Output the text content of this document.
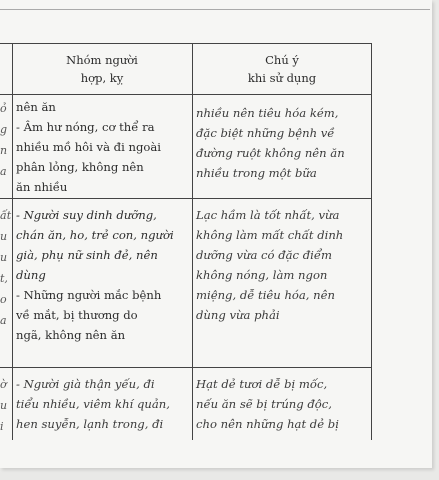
Nhóm người
hợp, kỵ
Chú ý
khi sử dụng
ỏ
g
n
a
nên ăn
- Âm hư nóng, cơ thể ra
nhiều mồ hôi và đi ngoài
phân lỏng, không nên
ăn nhiều
nhiều nên tiêu hóa kém,
đặc biệt những bệnh về
đường ruột không nên ăn
nhiều trong một bữa
ất
u
u
t,
o
a
- Người suy dinh dưỡng,
chán ăn, ho, trẻ con, người
già, phụ nữ sinh đẻ, nên
dùng
- Những người mắc bệnh
về mắt, bị thương do
ngã, không nên ăn
Lạc hầm là tốt nhất, vừa
không làm mất chất dinh
dưỡng vừa có đặc điểm
không nóng, làm ngon
miệng, dễ tiêu hóa, nên
dùng vừa phải
ờ
u
i
- Người già thận yếu, đi
tiểu nhiều, viêm khí quản,
hen suyễn, lạnh trong, đi
Hạt dẻ tươi dễ bị mốc,
nếu ăn sẽ bị trúng độc,
cho nên những hạt dẻ bị
